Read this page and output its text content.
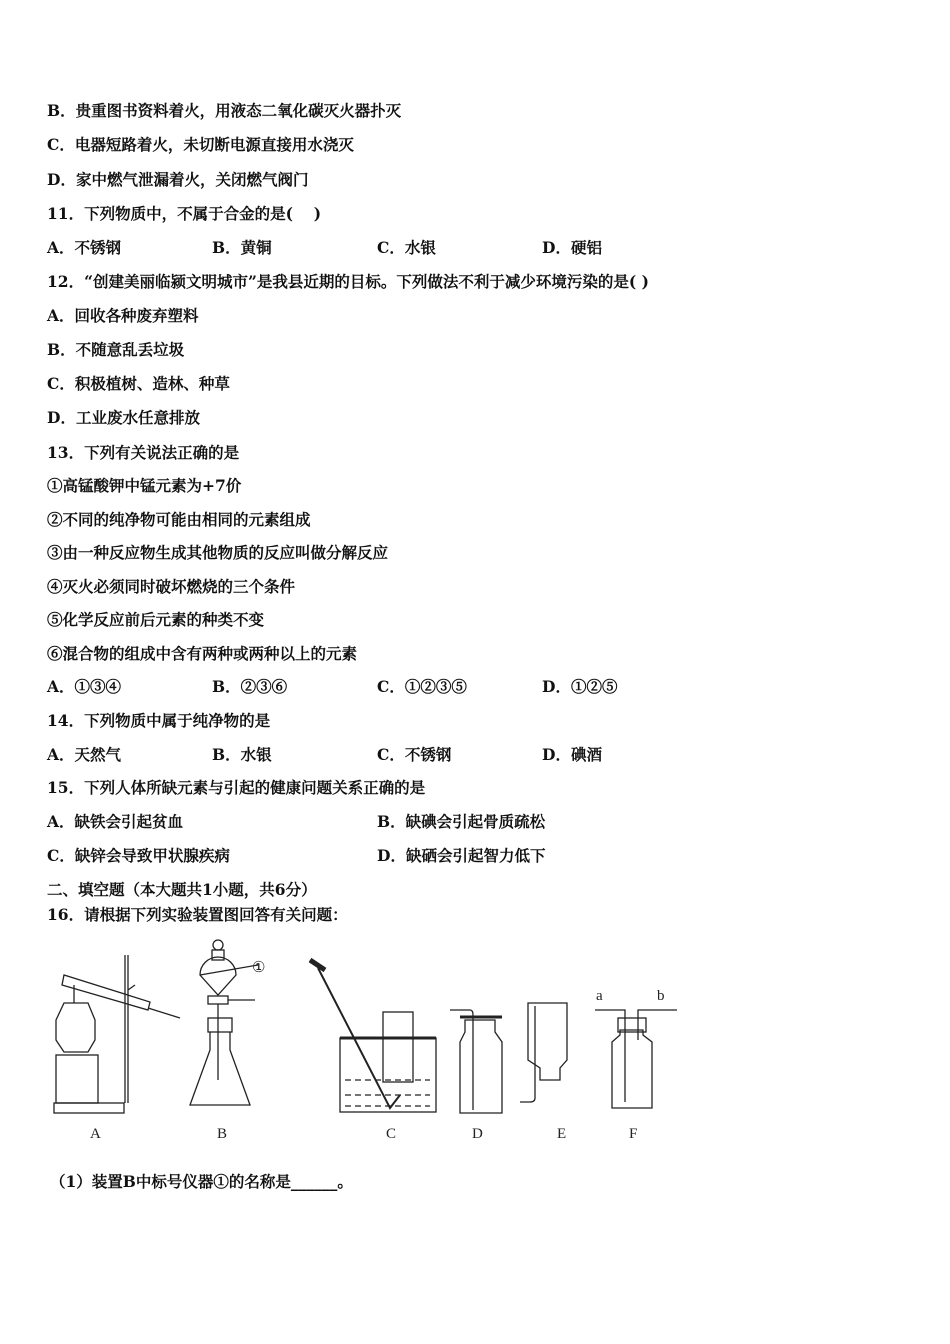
B．贵重图书资料着火，用液态二氧化碳灭火器扑灭
C．电器短路着火，未切断电源直接用水浇灭
D．家中燃气泄漏着火，关闭燃气阀门
11．下列物质中，不属于合金的是(　 )
A．不锈钢	B．黄铜	C．水银	D．硬铝
12．“创建美丽临颍文明城市”是我县近期的目标。下列做法不利于减少环境污染的是( )
A．回收各种废弃塑料
B．不随意乱丢垃圾
C．积极植树、造林、种草
D．工业废水任意排放
13．下列有关说法正确的是
①高锰酸钾中锰元素为+7价
②不同的纯净物可能由相同的元素组成
③由一种反应物生成其他物质的反应叫做分解反应
④灭火必须同时破坏燃烧的三个条件
⑤化学反应前后元素的种类不变
⑥混合物的组成中含有两种或两种以上的元素
A．①③④	B．②③⑥	C．①②③⑤	D．①②⑤
14．下列物质中属于纯净物的是
A．天然气	B．水银	C．不锈钢	D．碘酒
15．下列人体所缺元素与引起的健康问题关系正确的是
A．缺铁会引起贫血	B．缺碘会引起骨质疏松
C．缺锌会导致甲状腺疾病	D．缺硒会引起智力低下
二、填空题（本大题共1小题，共6分）
16．请根据下列实验装置图回答有关问题：
A
①
B	C	D	E
a	b
F
（1）装置B中标号仪器①的名称是______。
